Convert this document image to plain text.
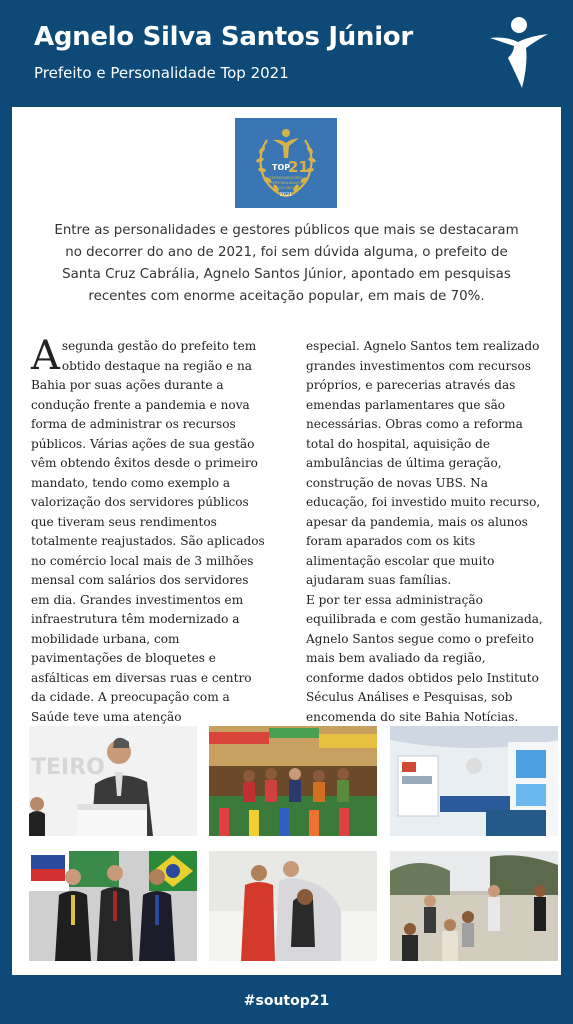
Agnelo Silva Santos Júnior
Prefeito e Personalidade Top 2021
TOP
21
EMPREENDEDORES
PERSONALIDADES
DO ANO
2021
Entre as personalidades e gestores públicos que mais se destacaram no decorrer do ano de 2021, foi sem dúvida alguma, o prefeito de Santa Cruz Cabrália, Agnelo Santos Júnior, apontado em pesquisas recentes com enorme aceitação popular, em mais de 70%.

A segunda gestão do prefeito tem obtido destaque na região e na Bahia por suas ações durante a condução frente a pandemia e nova forma de administrar os recursos públicos. Várias ações de sua gestão vêm obtendo êxitos desde o primeiro mandato, tendo como exemplo a valorização dos servidores públicos que tiveram seus rendimentos totalmente reajustados. São aplicados no comércio local mais de 3 milhões mensal com salários dos servidores em dia. Grandes investimentos em infraestrutura têm modernizado a mobilidade urbana, com pavimentações de bloquetes e asfálticas em diversas ruas e centro da cidade. A preocupação com a Saúde teve uma atenção

especial. Agnelo Santos tem realizado grandes investimentos com recursos próprios, e parecerias através das emendas parlamentares que são necessárias. Obras como a reforma total do hospital, aquisição de ambulâncias de última geração, construção de novas UBS. Na educação, foi investido muito recurso, apesar da pandemia, mais os alunos foram aparados com os kits alimentação escolar que muito ajudaram suas famílias.

E por ter essa administração equilibrada e com gestão humanizada, Agnelo Santos segue como o prefeito mais bem avaliado da região, conforme dados obtidos pelo Instituto Séculus Análises e Pesquisas, sob encomenda do site Bahia Notícias.

TEIRO
#soutop21
